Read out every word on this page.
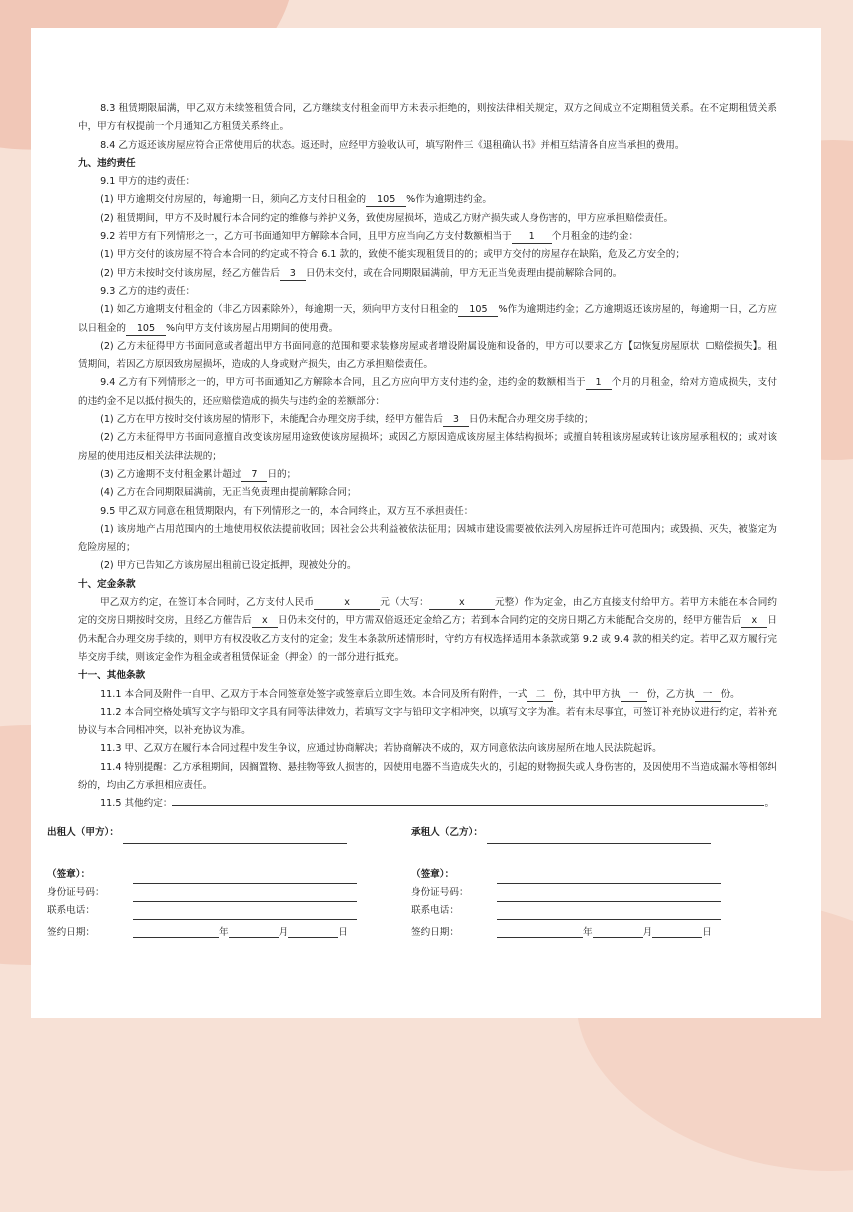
8.3 租赁期限届满，甲乙双方未续签租赁合同，乙方继续支付租金而甲方未表示拒绝的，则按法律相关规定，双方之间成立不定期租赁关系。在不定期租赁关系中，甲方有权提前一个月通知乙方租赁关系终止。

8.4 乙方返还该房屋应符合正常使用后的状态。返还时，应经甲方验收认可，填写附件三《退租确认书》并相互结清各自应当承担的费用。

九、违约责任

9.1 甲方的违约责任：

(1) 甲方逾期交付房屋的，每逾期一日，须向乙方支付日租金的 105 %作为逾期违约金。

(2) 租赁期间，甲方不及时履行本合同约定的维修与养护义务，致使房屋损坏，造成乙方财产损失或人身伤害的，甲方应承担赔偿责任。

9.2 若甲方有下列情形之一，乙方可书面通知甲方解除本合同，且甲方应当向乙方支付数额相当于 1 个月租金的违约金：

(1) 甲方交付的该房屋不符合本合同的约定或不符合 6.1 款的，致使不能实现租赁目的的；或甲方交付的房屋存在缺陷，危及乙方安全的；

(2) 甲方未按时交付该房屋，经乙方催告后 3 日仍未交付，或在合同期限届满前，甲方无正当免责理由提前解除合同的。

9.3 乙方的违约责任：

(1) 如乙方逾期支付租金的（非乙方因素除外），每逾期一天，须向甲方支付日租金的 105 %作为逾期违约金；乙方逾期返还该房屋的，每逾期一日，乙方应以日租金的 105 %向甲方支付该房屋占用期间的使用费。

(2) 乙方未征得甲方书面同意或者超出甲方书面同意的范围和要求装修房屋或者增设附属设施和设备的，甲方可以要求乙方【☑恢复房屋原状 ☐赔偿损失】。租赁期间，若因乙方原因致房屋损坏，造成的人身或财产损失，由乙方承担赔偿责任。

9.4 乙方有下列情形之一的，甲方可书面通知乙方解除本合同，且乙方应向甲方支付违约金，违约金的数额相当于 1 个月的月租金，给对方造成损失，支付的违约金不足以抵付损失的，还应赔偿造成的损失与违约金的差额部分：

(1) 乙方在甲方按时交付该房屋的情形下，未能配合办理交房手续，经甲方催告后 3 日仍未配合办理交房手续的；

(2) 乙方未征得甲方书面同意擅自改变该房屋用途致使该房屋损坏；或因乙方原因造成该房屋主体结构损坏；或擅自转租该房屋或转让该房屋承租权的；或对该房屋的使用违反相关法律法规的；

(3) 乙方逾期不支付租金累计超过 7 日的；

(4) 乙方在合同期限届满前，无正当免责理由提前解除合同；

9.5 甲乙双方同意在租赁期限内，有下列情形之一的，本合同终止，双方互不承担责任：

(1) 该房地产占用范围内的土地使用权依法提前收回；因社会公共利益被依法征用；因城市建设需要被依法列入房屋拆迁许可范围内；或毁损、灭失，被鉴定为危险房屋的；

(2) 甲方已告知乙方该房屋出租前已设定抵押，现被处分的。

十、定金条款

甲乙双方约定，在签订本合同时，乙方支付人民币	x	元（大写：	x	元整）作为定金，由乙方直接支付给甲方。若甲方未能在本合同约定的交房日期按时交房，且经乙方催告后 x 日仍未交付的，甲方需双倍返还定金给乙方；若到本合同约定的交房日期乙方未能配合交房的，经甲方催告后 x 日仍未配合办理交房手续的，则甲方有权没收乙方支付的定金；发生本条款所述情形时，守约方有权选择适用本条款或第 9.2 或 9.4 款的相关约定。若甲乙双方履行完毕交房手续，则该定金作为租金或者租赁保证金（押金）的一部分进行抵充。

十一、其他条款

11.1 本合同及附件一自甲、乙双方于本合同签章处签字或签章后立即生效。本合同及所有附件，一式 二 份，其中甲方执 一 份，乙方执 一 份。

11.2 本合同空格处填写文字与铅印文字具有同等法律效力，若填写文字与铅印文字相冲突，以填写文字为准。若有未尽事宜，可签订补充协议进行约定，若补充协议与本合同相冲突，以补充协议为准。

11.3 甲、乙双方在履行本合同过程中发生争议，应通过协商解决；若协商解决不成的，双方同意依法向该房屋所在地人民法院起诉。

11.4 特别提醒：乙方承租期间，因搁置物、悬挂物等致人损害的，因使用电器不当造成失火的，引起的财物损失或人身伤害的，及因使用不当造成漏水等相邻纠纷的，均由乙方承担相应责任。

11.5 其他约定：	。

出租人（甲方）：
（签章）：
身份证号码：
联系电话：
签约日期：	年	月	日
承租人（乙方）：
（签章）：
身份证号码：
联系电话：
签约日期：	年	月	日
